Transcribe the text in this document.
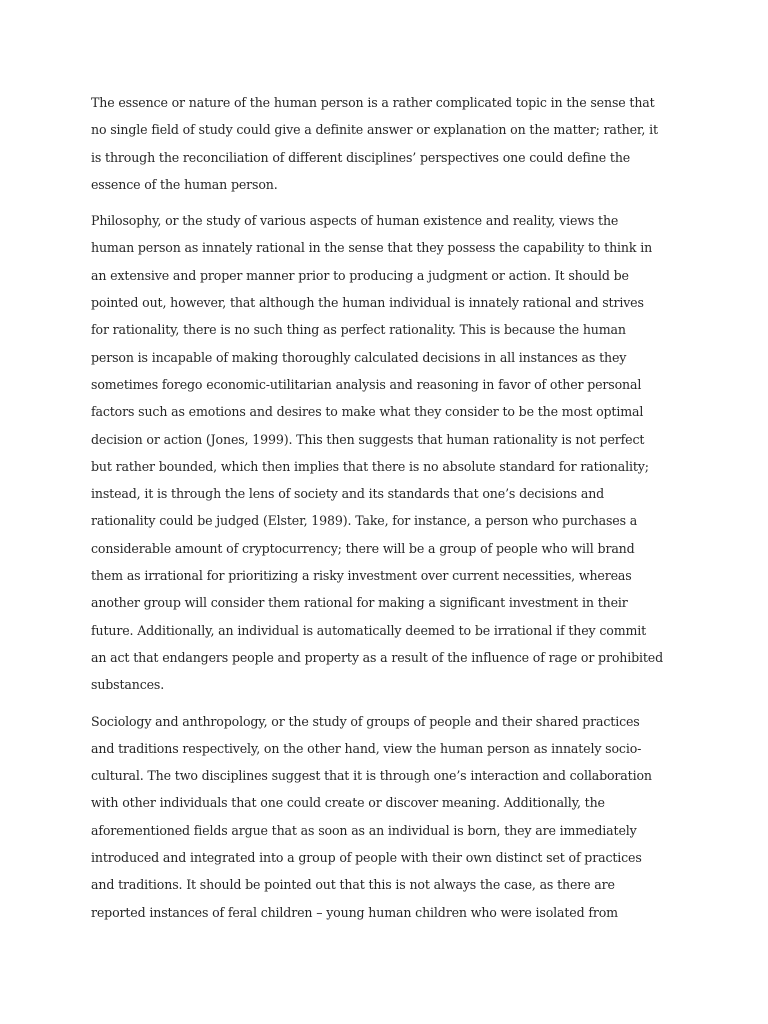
The essence or nature of the human person is a rather complicated topic in the sense that
no single field of study could give a definite answer or explanation on the matter; rather, it
is through the reconciliation of different disciplines’ perspectives one could define the
essence of the human person.

Philosophy, or the study of various aspects of human existence and reality, views the
human person as innately rational in the sense that they possess the capability to think in
an extensive and proper manner prior to producing a judgment or action. It should be
pointed out, however, that although the human individual is innately rational and strives
for rationality, there is no such thing as perfect rationality. This is because the human
person is incapable of making thoroughly calculated decisions in all instances as they
sometimes forego economic-utilitarian analysis and reasoning in favor of other personal
factors such as emotions and desires to make what they consider to be the most optimal
decision or action (Jones, 1999). This then suggests that human rationality is not perfect
but rather bounded, which then implies that there is no absolute standard for rationality;
instead, it is through the lens of society and its standards that one’s decisions and
rationality could be judged (Elster, 1989). Take, for instance, a person who purchases a
considerable amount of cryptocurrency; there will be a group of people who will brand
them as irrational for prioritizing a risky investment over current necessities, whereas
another group will consider them rational for making a significant investment in their
future. Additionally, an individual is automatically deemed to be irrational if they commit
an act that endangers people and property as a result of the influence of rage or prohibited
substances.

Sociology and anthropology, or the study of groups of people and their shared practices
and traditions respectively, on the other hand, view the human person as innately socio-
cultural. The two disciplines suggest that it is through one’s interaction and collaboration
with other individuals that one could create or discover meaning. Additionally, the
aforementioned fields argue that as soon as an individual is born, they are immediately
introduced and integrated into a group of people with their own distinct set of practices
and traditions. It should be pointed out that this is not always the case, as there are
reported instances of feral children – young human children who were isolated from
